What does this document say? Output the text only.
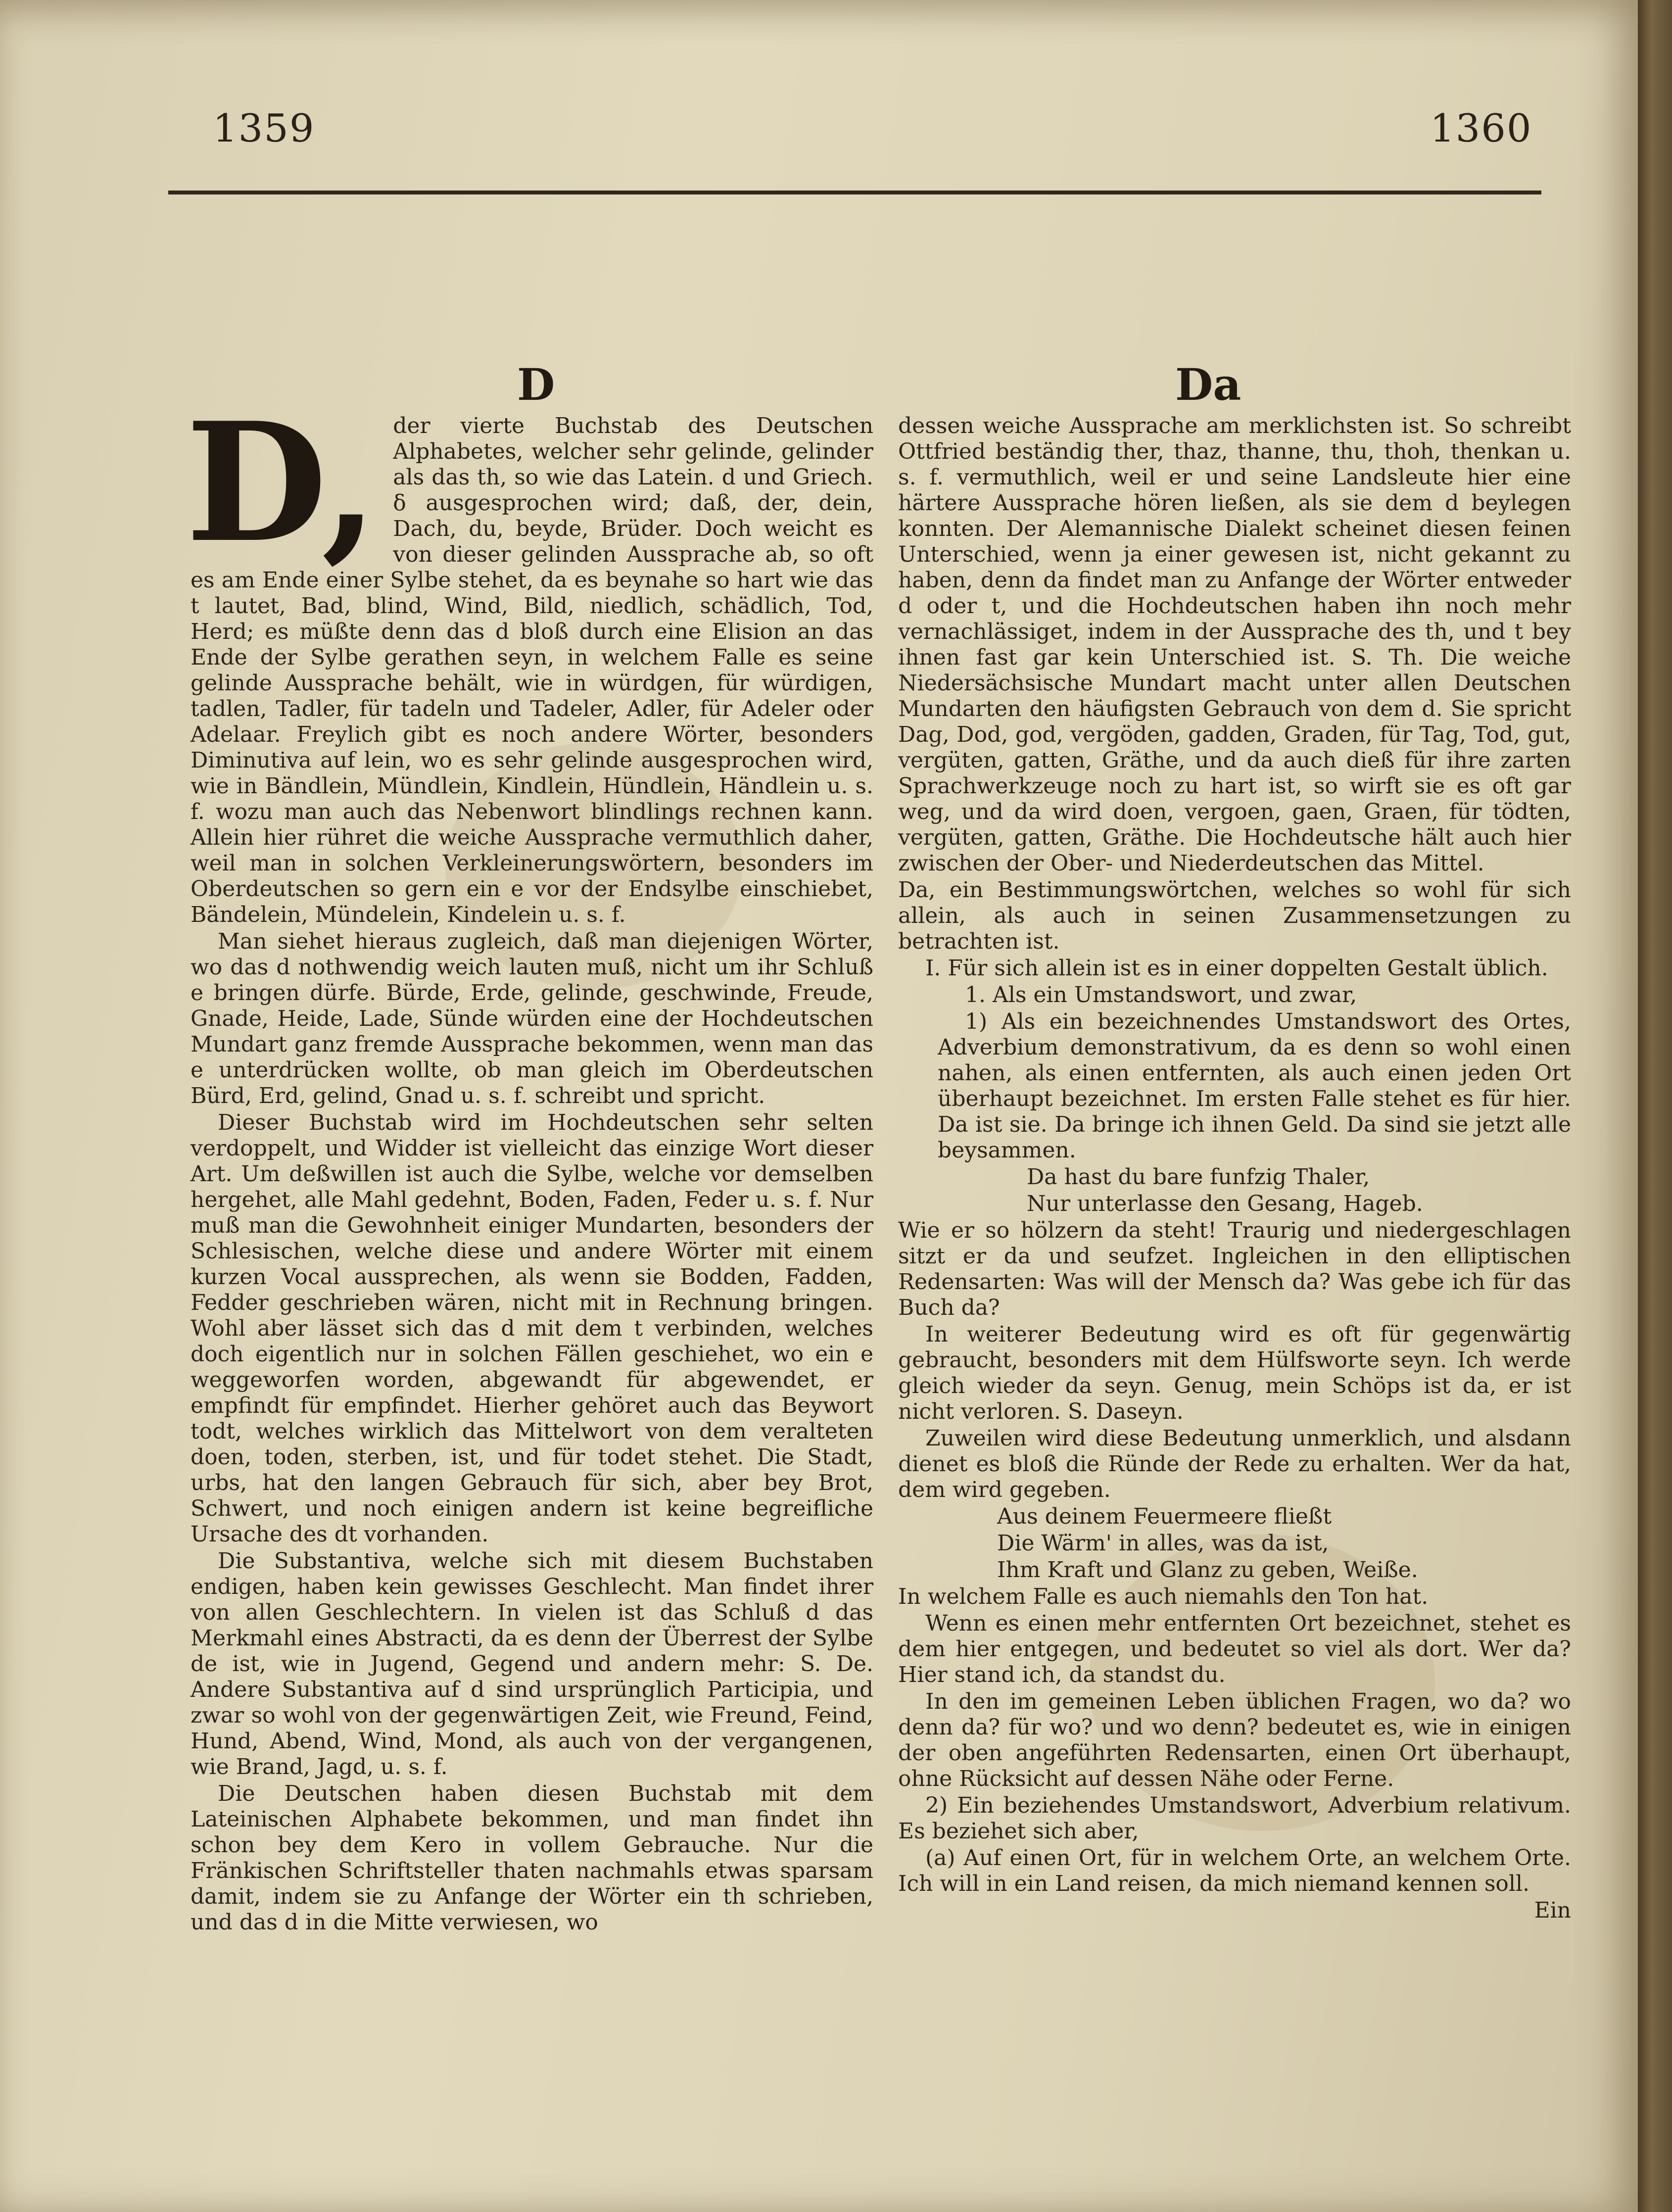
1359	1360
D	Da

D, der vierte Buchstab des Deutschen Alphabetes, welcher sehr gelinde, gelinder als das th, so wie das Latein. d und Griech. δ ausgesprochen wird; daß, der, dein, Dach, du, beyde, Brüder. Doch weicht es von dieser gelinden Aussprache ab, so oft es am Ende einer Sylbe stehet, da es beynahe so hart wie das t lautet, Bad, blind, Wind, Bild, niedlich, schädlich, Tod, Herd; es müßte denn das d bloß durch eine Elision an das Ende der Sylbe gerathen seyn, in welchem Falle es seine gelinde Aussprache behält, wie in würdgen, für würdigen, tadlen, Tadler, für tadeln und Tadeler, Adler, für Adeler oder Adelaar. Freylich gibt es noch andere Wörter, besonders Diminutiva auf lein, wo es sehr gelinde ausgesprochen wird, wie in Bändlein, Mündlein, Kindlein, Hündlein, Händlein u. s. f. wozu man auch das Nebenwort blindlings rechnen kann. Allein hier rühret die weiche Aussprache vermuthlich daher, weil man in solchen Verkleinerungswörtern, besonders im Oberdeutschen so gern ein e vor der Endsylbe einschiebet, Bändelein, Mündelein, Kindelein u. s. f.

Man siehet hieraus zugleich, daß man diejenigen Wörter, wo das d nothwendig weich lauten muß, nicht um ihr Schluß e bringen dürfe. Bürde, Erde, gelinde, geschwinde, Freude, Gnade, Heide, Lade, Sünde würden eine der Hochdeutschen Mundart ganz fremde Aussprache bekommen, wenn man das e unterdrücken wollte, ob man gleich im Oberdeutschen Bürd, Erd, gelind, Gnad u. s. f. schreibt und spricht.

Dieser Buchstab wird im Hochdeutschen sehr selten verdoppelt, und Widder ist vielleicht das einzige Wort dieser Art. Um deßwillen ist auch die Sylbe, welche vor demselben hergehet, alle Mahl gedehnt, Boden, Faden, Feder u. s. f. Nur muß man die Gewohnheit einiger Mundarten, besonders der Schlesischen, welche diese und andere Wörter mit einem kurzen Vocal aussprechen, als wenn sie Bodden, Fadden, Fedder geschrieben wären, nicht mit in Rechnung bringen. Wohl aber lässet sich das d mit dem t verbinden, welches doch eigentlich nur in solchen Fällen geschiehet, wo ein e weggeworfen worden, abgewandt für abgewendet, er empfindt für empfindet. Hierher gehöret auch das Beywort todt, welches wirklich das Mittelwort von dem veralteten doen, toden, sterben, ist, und für todet stehet. Die Stadt, urbs, hat den langen Gebrauch für sich, aber bey Brot, Schwert, und noch einigen andern ist keine begreifliche Ursache des dt vorhanden.

Die Substantiva, welche sich mit diesem Buchstaben endigen, haben kein gewisses Geschlecht. Man findet ihrer von allen Geschlechtern. In vielen ist das Schluß d das Merkmahl eines Abstracti, da es denn der Überrest der Sylbe de ist, wie in Jugend, Gegend und andern mehr: S. De. Andere Substantiva auf d sind ursprünglich Participia, und zwar so wohl von der gegenwärtigen Zeit, wie Freund, Feind, Hund, Abend, Wind, Mond, als auch von der vergangenen, wie Brand, Jagd, u. s. f.

Die Deutschen haben diesen Buchstab mit dem Lateinischen Alphabete bekommen, und man findet ihn schon bey dem Kero in vollem Gebrauche. Nur die Fränkischen Schriftsteller thaten nachmahls etwas sparsam damit, indem sie zu Anfange der Wörter ein th schrieben, und das d in die Mitte verwiesen, wo

dessen weiche Aussprache am merklichsten ist. So schreibt Ottfried beständig ther, thaz, thanne, thu, thoh, thenkan u. s. f. vermuthlich, weil er und seine Landsleute hier eine härtere Aussprache hören ließen, als sie dem d beylegen konnten. Der Alemannische Dialekt scheinet diesen feinen Unterschied, wenn ja einer gewesen ist, nicht gekannt zu haben, denn da findet man zu Anfange der Wörter entweder d oder t, und die Hochdeutschen haben ihn noch mehr vernachlässiget, indem in der Aussprache des th, und t bey ihnen fast gar kein Unterschied ist. S. Th. Die weiche Niedersächsische Mundart macht unter allen Deutschen Mundarten den häufigsten Gebrauch von dem d. Sie spricht Dag, Dod, god, vergöden, gadden, Graden, für Tag, Tod, gut, vergüten, gatten, Gräthe, und da auch dieß für ihre zarten Sprachwerkzeuge noch zu hart ist, so wirft sie es oft gar weg, und da wird doen, vergoen, gaen, Graen, für tödten, vergüten, gatten, Gräthe. Die Hochdeutsche hält auch hier zwischen der Ober- und Niederdeutschen das Mittel.

Da, ein Bestimmungswörtchen, welches so wohl für sich allein, als auch in seinen Zusammensetzungen zu betrachten ist.

I. Für sich allein ist es in einer doppelten Gestalt üblich.

1. Als ein Umstandswort, und zwar,

1) Als ein bezeichnendes Umstandswort des Ortes, Adverbium demonstrativum, da es denn so wohl einen nahen, als einen entfernten, als auch einen jeden Ort überhaupt bezeichnet. Im ersten Falle stehet es für hier. Da ist sie. Da bringe ich ihnen Geld. Da sind sie jetzt alle beysammen.

Da hast du bare funfzig Thaler,

Nur unterlasse den Gesang, Hageb.

Wie er so hölzern da steht! Traurig und niedergeschlagen sitzt er da und seufzet. Ingleichen in den elliptischen Redensarten: Was will der Mensch da? Was gebe ich für das Buch da?

In weiterer Bedeutung wird es oft für gegenwärtig gebraucht, besonders mit dem Hülfsworte seyn. Ich werde gleich wieder da seyn. Genug, mein Schöps ist da, er ist nicht verloren. S. Daseyn.

Zuweilen wird diese Bedeutung unmerklich, und alsdann dienet es bloß die Ründe der Rede zu erhalten. Wer da hat, dem wird gegeben.

Aus deinem Feuermeere fließt

Die Wärm' in alles, was da ist,

Ihm Kraft und Glanz zu geben, Weiße.

In welchem Falle es auch niemahls den Ton hat.

Wenn es einen mehr entfernten Ort bezeichnet, stehet es dem hier entgegen, und bedeutet so viel als dort. Wer da? Hier stand ich, da standst du.

In den im gemeinen Leben üblichen Fragen, wo da? wo denn da? für wo? und wo denn? bedeutet es, wie in einigen der oben angeführten Redensarten, einen Ort überhaupt, ohne Rücksicht auf dessen Nähe oder Ferne.

2) Ein beziehendes Umstandswort, Adverbium relativum. Es beziehet sich aber,

(a) Auf einen Ort, für in welchem Orte, an welchem Orte. Ich will in ein Land reisen, da mich niemand kennen soll.

Ein
